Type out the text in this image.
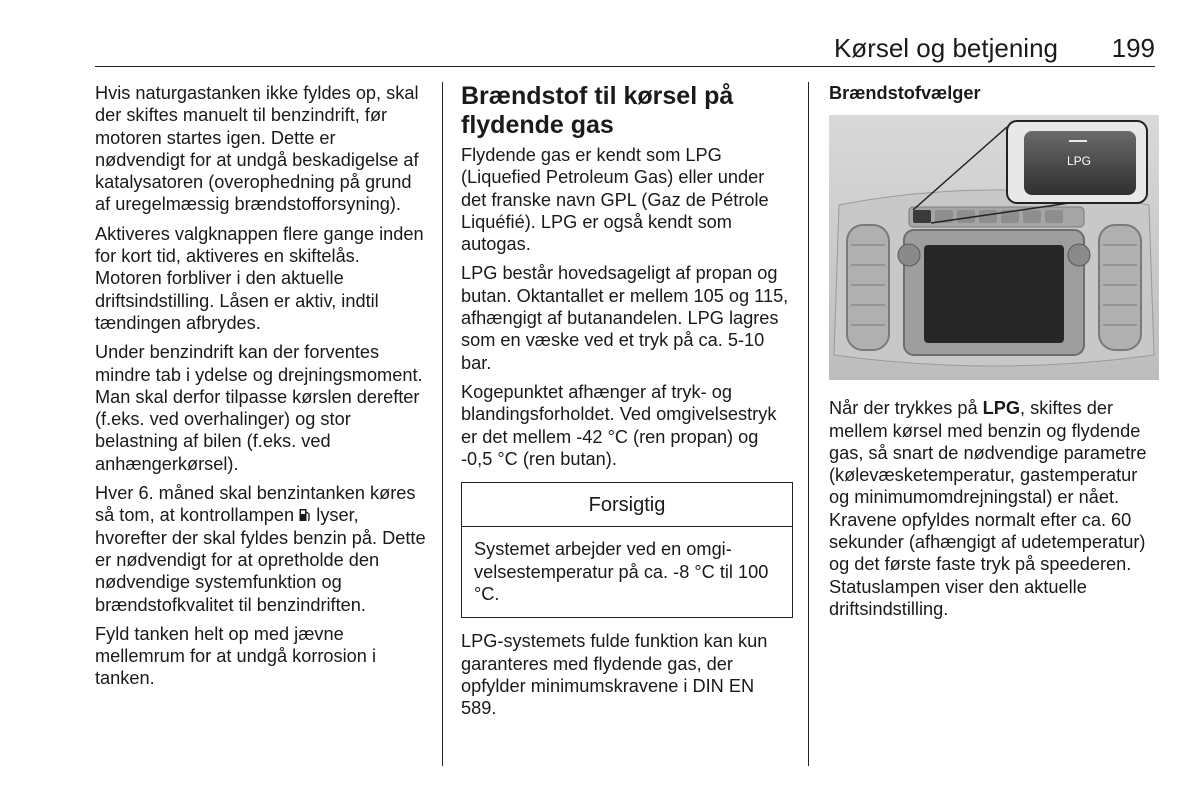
Kørsel og betjening	199

Hvis naturgastanken ikke fyldes op, skal der skiftes manuelt til benzindrift, før motoren startes igen. Dette er nødvendigt for at undgå beskadigelse af katalysatoren (overophedning på grund af uregelmæssig brændstofforsyning).

Aktiveres valgknappen flere gange inden for kort tid, aktiveres en skiftelås. Motoren forbliver i den aktuelle driftsindstilling. Låsen er aktiv, indtil tændingen afbrydes.

Under benzindrift kan der forventes mindre tab i ydelse og drejningsmoment. Man skal derfor tilpasse kørslen derefter (f.eks. ved overhalinger) og stor belastning af bilen (f.eks. ved anhængerkørsel).

Hver 6. måned skal benzintanken køres så tom, at kontrollampen lyser, hvorefter der skal fyldes benzin på. Dette er nødvendigt for at opretholde den nødvendige systemfunktion og brændstofkvalitet til benzindriften.

Fyld tanken helt op med jævne mellemrum for at undgå korrosion i tanken.

Brændstof til kørsel på flydende gas

Flydende gas er kendt som LPG (Liquefied Petroleum Gas) eller under det franske navn GPL (Gaz de Pétrole Liquéfié). LPG er også kendt som autogas.

LPG består hovedsageligt af propan og butan. Oktantallet er mellem 105 og 115, afhængigt af butanandelen. LPG lagres som en væske ved et tryk på ca. 5-10 bar.

Kogepunktet afhænger af tryk- og blandingsforholdet. Ved omgivelsestryk er det mellem -42 °C (ren propan) og -0,5 °C (ren butan).

Forsigtig
Systemet arbejder ved en omgivelsestemperatur på ca. -8 °C til 100 °C.

LPG-systemets fulde funktion kan kun garanteres med flydende gas, der opfylder minimumskravene i DIN EN 589.

Brændstofvælger
LPG

Når der trykkes på LPG, skiftes der mellem kørsel med benzin og flydende gas, så snart de nødvendige parametre (kølevæsketemperatur, gastemperatur og minimumomdrejningstal) er nået. Kravene opfyldes normalt efter ca. 60 sekunder (afhængigt af udetemperatur) og det første faste tryk på speederen. Statuslampen viser den aktuelle driftsindstilling.
